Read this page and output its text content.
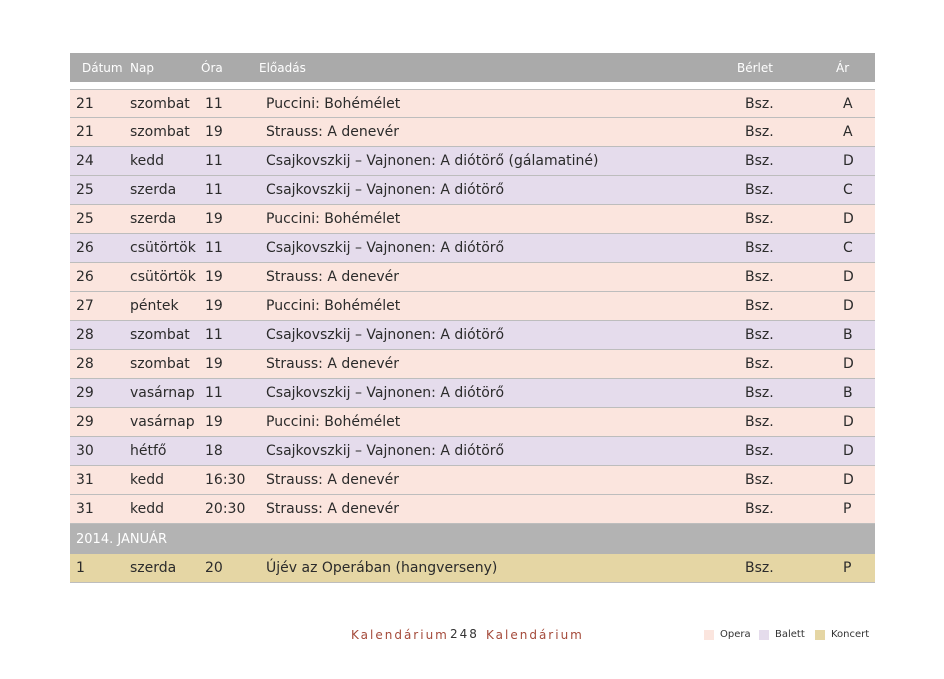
Dátum Nap	Óra	Előadás	Bérlet	Ár
21	szombat 11	Puccini: Bohémélet	Bsz.	A
21	szombat 19	Strauss: A denevér	Bsz.	A
24	kedd	11	Csajkovszkij – Vajnonen: A diótörő (gálamatiné)	Bsz.	D
25	szerda 11	Csajkovszkij – Vajnonen: A diótörő	Bsz.	C
25	szerda 19	Puccini: Bohémélet	Bsz.	D
26	csütörtök 11	Csajkovszkij – Vajnonen: A diótörő	Bsz.	C
26	csütörtök 19	Strauss: A denevér	Bsz.	D
27	péntek 19	Puccini: Bohémélet	Bsz.	D
28	szombat 11	Csajkovszkij – Vajnonen: A diótörő	Bsz.	B
28	szombat 19	Strauss: A denevér	Bsz.	D
29	vasárnap 11	Csajkovszkij – Vajnonen: A diótörő	Bsz.	B
29	vasárnap 19	Puccini: Bohémélet	Bsz.	D
30	hétfő	18	Csajkovszkij – Vajnonen: A diótörő	Bsz.	D
31	kedd	16:30 Strauss: A denevér	Bsz.	D
31	kedd	20:30 Strauss: A denevér	Bsz.	P
2014. JANUÁR
1	szerda 20	Újév az Operában (hangverseny)	Bsz.	P
Kalendárium 248 Kalendárium	Opera Balett	Koncert
